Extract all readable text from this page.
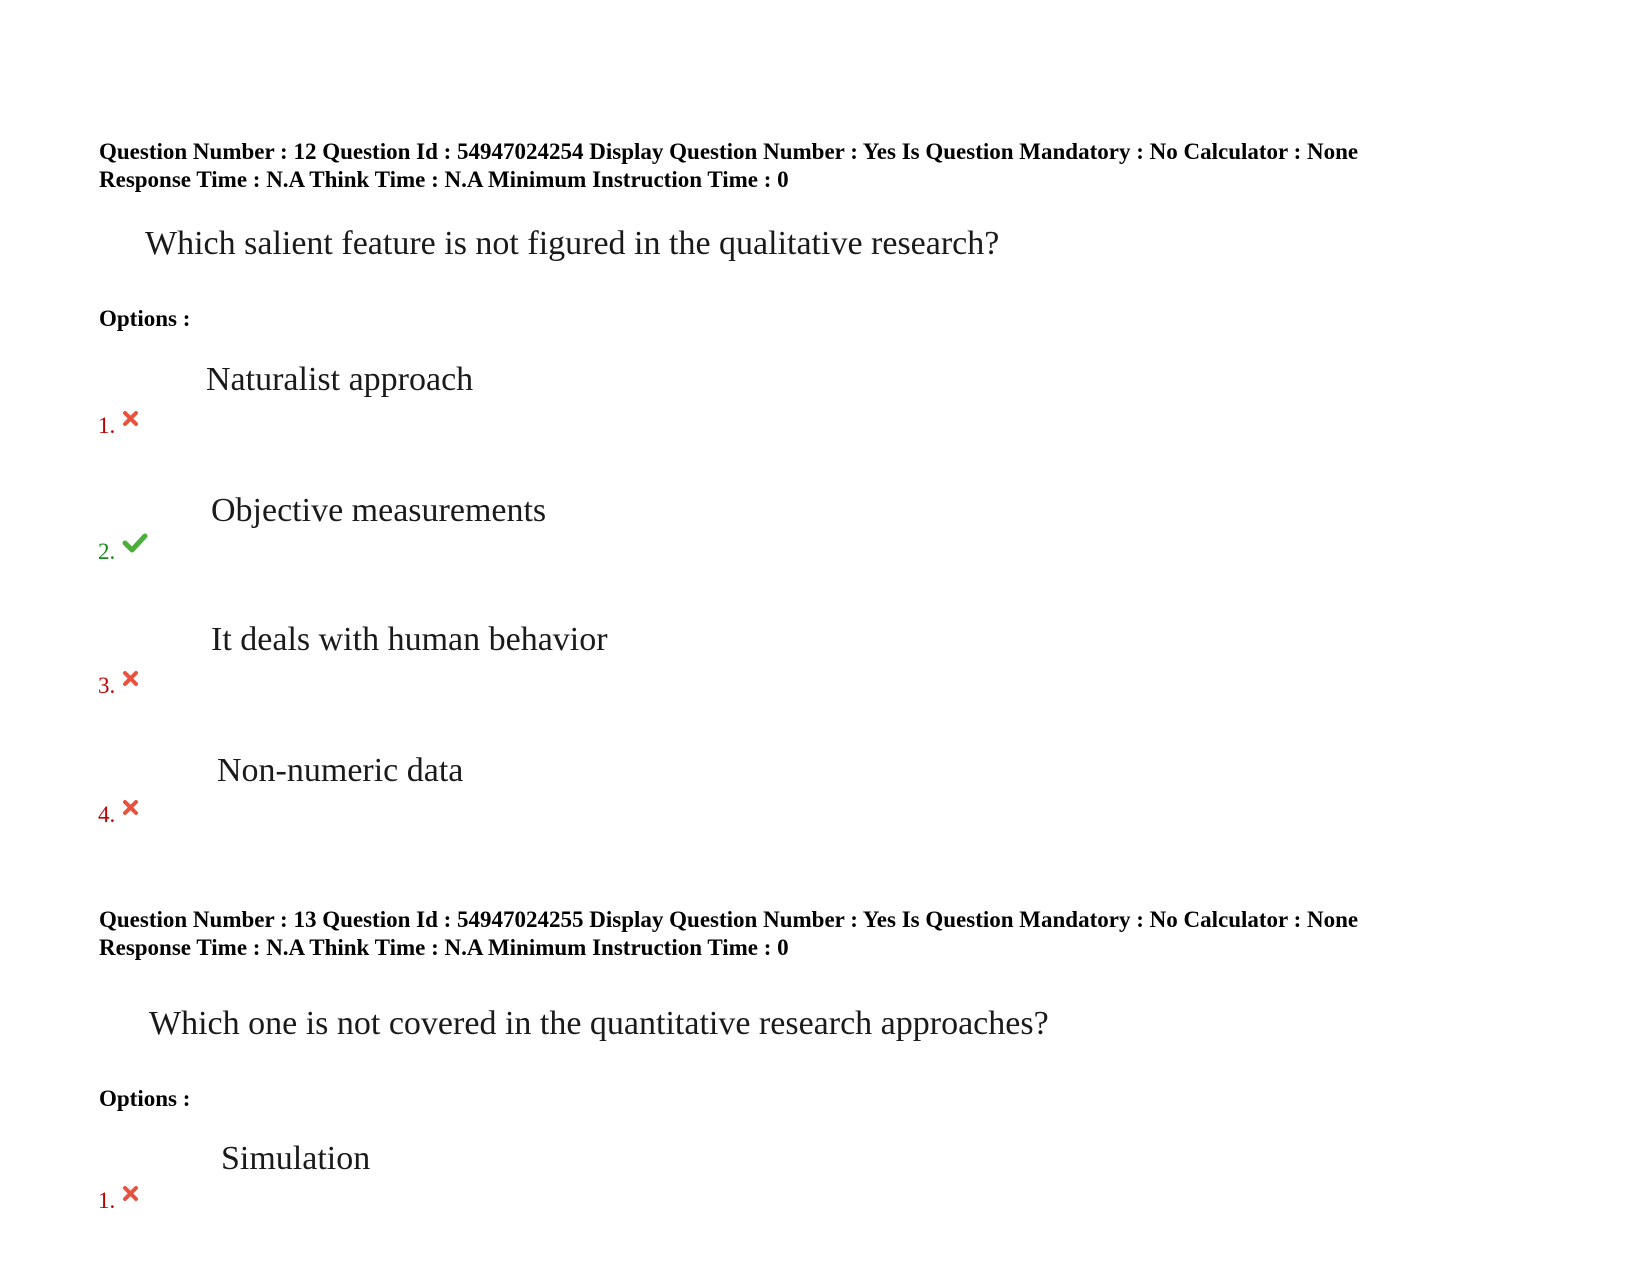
Question Number : 12 Question Id : 54947024254 Display Question Number : Yes Is Question Mandatory : No Calculator : None
Response Time : N.A Think Time : N.A Minimum Instruction Time : 0
Which salient feature is not figured in the qualitative research?
Options :
Naturalist approach
1.
Objective measurements
2.
It deals with human behavior
3.
Non-numeric data
4.
Question Number : 13 Question Id : 54947024255 Display Question Number : Yes Is Question Mandatory : No Calculator : None
Response Time : N.A Think Time : N.A Minimum Instruction Time : 0
Which one is not covered in the quantitative research approaches?
Options :
Simulation
1.
